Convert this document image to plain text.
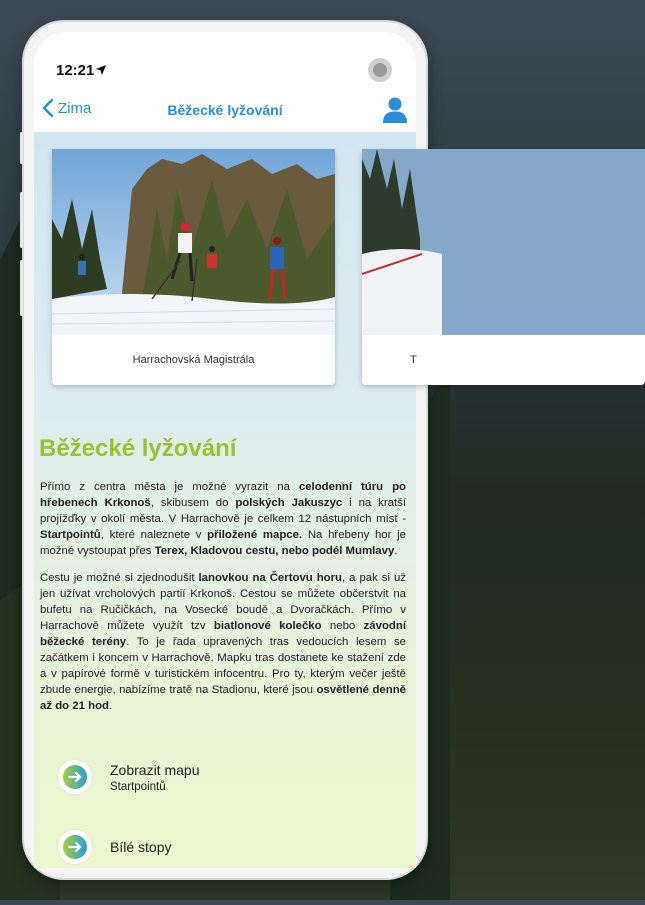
12:21
Zima	Běžecké lyžování
Harrachovská Magistrála	T
Běžecké lyžování

Přímo z centra města je možné vyrazit na celodenní túru po hřebenech Krkonoš, skibusem do polských Jakuszyc i na kratší projížďky v okolí města. V Harrachově je celkem 12 nástupních míst - Startpointů, které naleznete v přiložené mapce. Na hřebeny hor je možné vystoupat přes Terex, Kladovou cestu, nebo podél Mumlavy.

Cestu je možné si zjednodušit lanovkou na Čertovu horu, a pak si už jen užívat vrcholových partií Krkonoš. Cestou se můžete občerstvit na bufetu na Ručičkách, na Vosecké boudě a Dvoračkách. Přímo v Harrachově můžete využít tzv biatlonové kolečko nebo závodní běžecké terény. To je řada upravených tras vedoucích lesem se začátkem i koncem v Harrachově. Mapku tras dostanete ke stažení zde a v papírové formě v turistickém infocentru. Pro ty, kterým večer ještě zbude energie, nabízíme tratě na Stadionu, které jsou osvětlené denně až do 21 hod.

Zobrazit mapu
Startpointů
Bílé stopy
